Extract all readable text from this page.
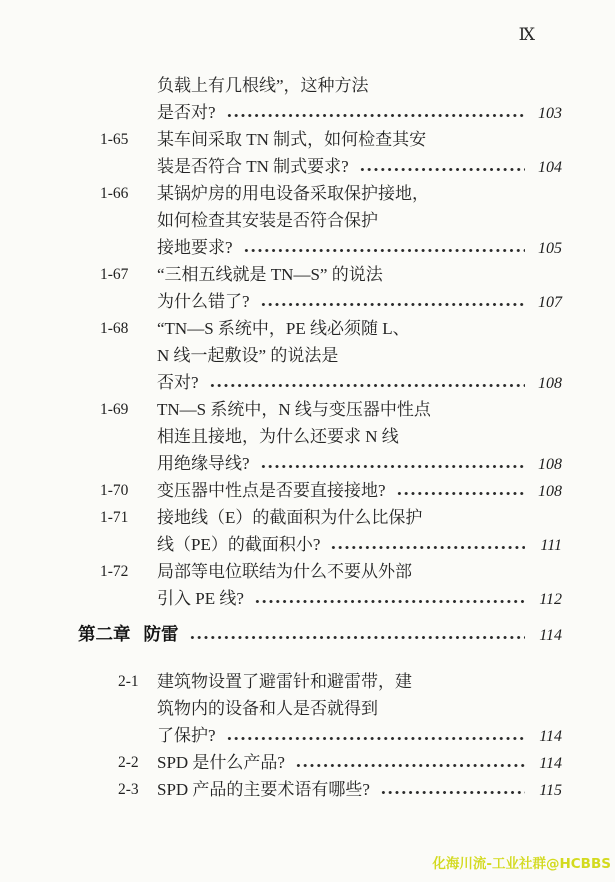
Ⅸ
负载上有几根线”，这种方法
是否对?	103
1-65	某车间采取 TN 制式，如何检查其安
装是否符合 TN 制式要求?	104
1-66	某锅炉房的用电设备采取保护接地，
如何检查其安装是否符合保护
接地要求?	105
1-67	“三相五线就是 TN—S” 的说法
为什么错了?	107
1-68	“TN—S 系统中，PE 线必须随 L、
N 线一起敷设” 的说法是
否对?	108
1-69	TN—S 系统中，N 线与变压器中性点
相连且接地，为什么还要求 N 线
用绝缘导线?	108
1-70	变压器中性点是否要直接接地?	108
1-71	接地线（E）的截面积为什么比保护
线（PE）的截面积小?	111
1-72	局部等电位联结为什么不要从外部
引入 PE 线?	112
第二章 防雷	114
2-1	建筑物设置了避雷针和避雷带，建
筑物内的设备和人是否就得到
了保护?	114
2-2	SPD 是什么产品?	114
2-3	SPD 产品的主要术语有哪些?	115
化海川流-工业社群@HCBBS
